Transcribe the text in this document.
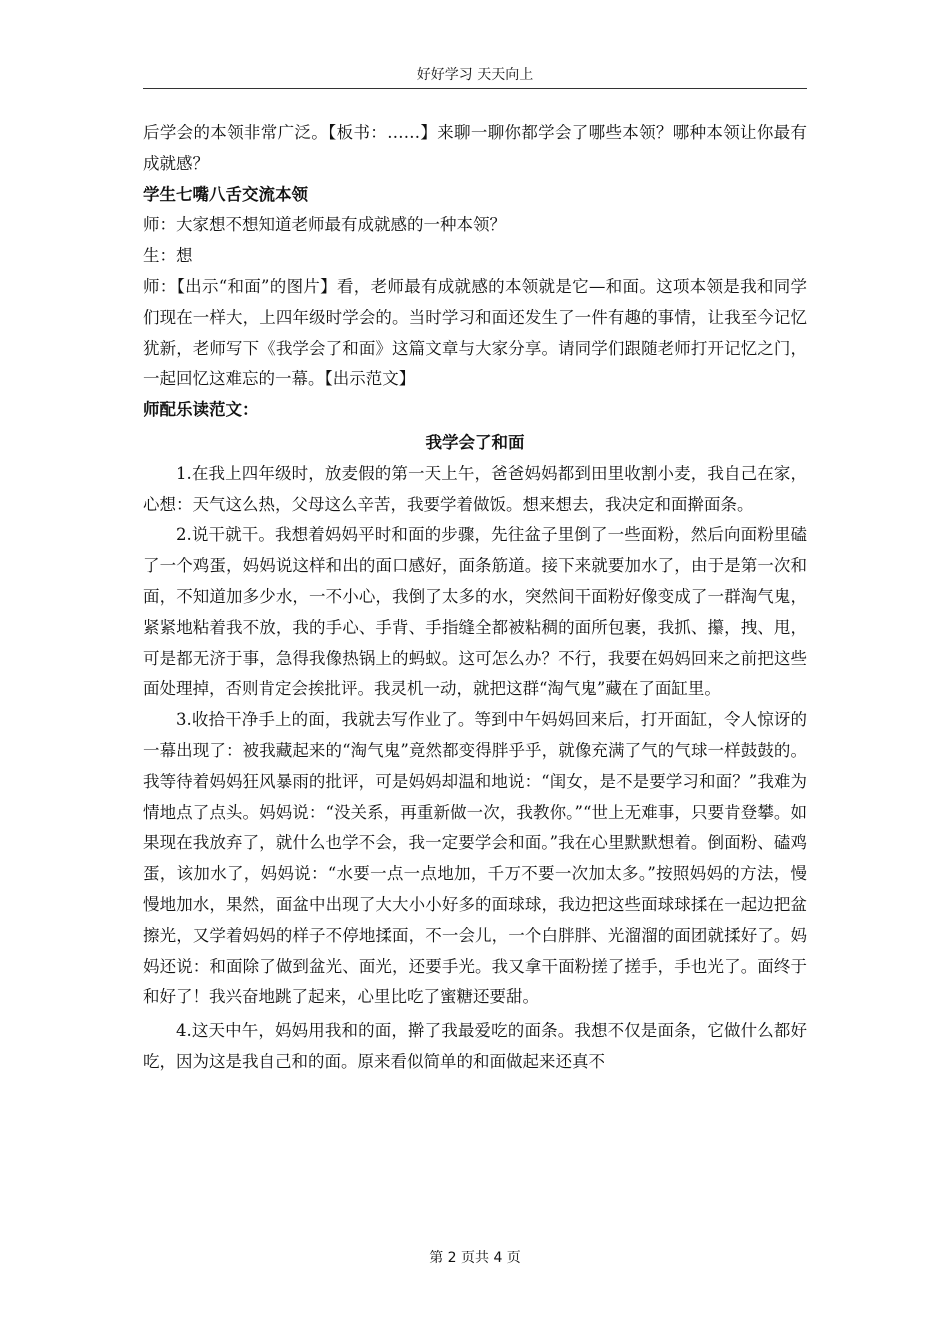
好好学习 天天向上

后学会的本领非常广泛。【板书：……】来聊一聊你都学会了哪些本领？哪种本领让你最有成就感？

学生七嘴八舌交流本领

师：大家想不想知道老师最有成就感的一种本领？

生：想

师：【出示“和面”的图片】看，老师最有成就感的本领就是它—和面。这项本领是我和同学们现在一样大，上四年级时学会的。当时学习和面还发生了一件有趣的事情，让我至今记忆犹新，老师写下《我学会了和面》这篇文章与大家分享。请同学们跟随老师打开记忆之门，一起回忆这难忘的一幕。【出示范文】

师配乐读范文：

我学会了和面

1.在我上四年级时，放麦假的第一天上午，爸爸妈妈都到田里收割小麦，我自己在家，心想：天气这么热，父母这么辛苦，我要学着做饭。想来想去，我决定和面擀面条。

2.说干就干。我想着妈妈平时和面的步骤，先往盆子里倒了一些面粉，然后向面粉里磕了一个鸡蛋，妈妈说这样和出的面口感好，面条筋道。接下来就要加水了，由于是第一次和面，不知道加多少水，一不小心，我倒了太多的水，突然间干面粉好像变成了一群淘气鬼，紧紧地粘着我不放，我的手心、手背、手指缝全都被粘稠的面所包裹，我抓、攥，拽、甩，可是都无济于事，急得我像热锅上的蚂蚁。这可怎么办？不行，我要在妈妈回来之前把这些面处理掉，否则肯定会挨批评。我灵机一动，就把这群“淘气鬼”藏在了面缸里。

3.收拾干净手上的面，我就去写作业了。等到中午妈妈回来后，打开面缸，令人惊讶的一幕出现了：被我藏起来的“淘气鬼”竟然都变得胖乎乎，就像充满了气的气球一样鼓鼓的。我等待着妈妈狂风暴雨的批评，可是妈妈却温和地说：“闺女，是不是要学习和面？”我难为情地点了点头。妈妈说：“没关系，再重新做一次，我教你。”“世上无难事，只要肯登攀。如果现在我放弃了，就什么也学不会，我一定要学会和面。”我在心里默默想着。倒面粉、磕鸡蛋，该加水了，妈妈说：“水要一点一点地加，千万不要一次加太多。”按照妈妈的方法，慢慢地加水，果然，面盆中出现了大大小小好多的面球球，我边把这些面球球揉在一起边把盆擦光，又学着妈妈的样子不停地揉面，不一会儿，一个白胖胖、光溜溜的面团就揉好了。妈妈还说：和面除了做到盆光、面光，还要手光。我又拿干面粉搓了搓手，手也光了。面终于和好了！我兴奋地跳了起来，心里比吃了蜜糖还要甜。

4.这天中午，妈妈用我和的面，擀了我最爱吃的面条。我想不仅是面条，它做什么都好吃，因为这是我自己和的面。原来看似简单的和面做起来还真不

第 2 页共 4 页
